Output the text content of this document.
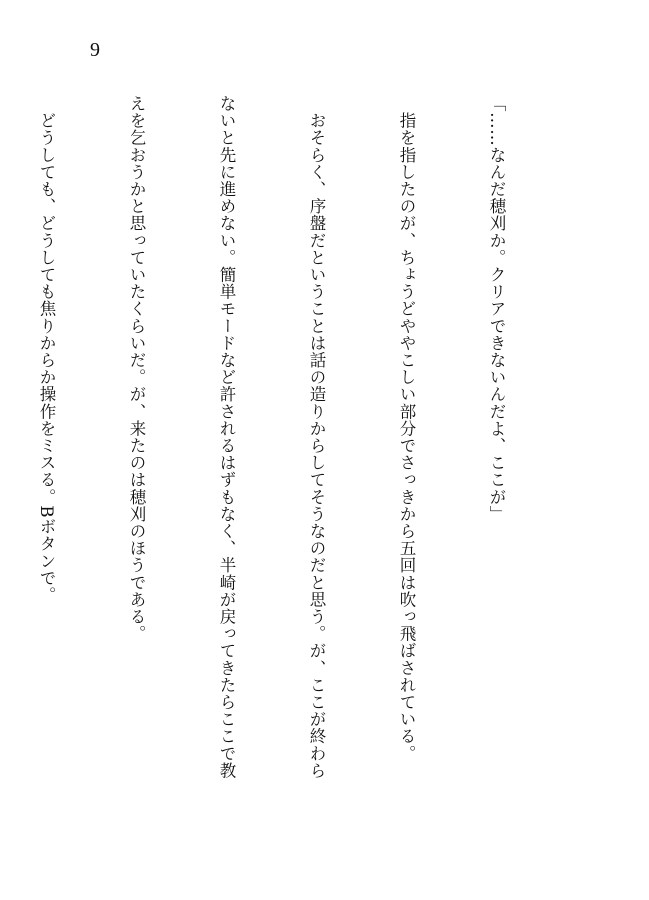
9

「……なんだ穂刈か。クリアできないんだよ、ここが」

　指を指したのが、ちょうどややこしい部分でさっきから五回は吹っ飛ばされている。

　おそらく、序盤だということは話の造りからしてそうなのだと思う。が、ここが終わら

ないと先に進めない。簡単モードなど許されるはずもなく、半崎が戻ってきたらここで教

えを乞おうかと思っていたくらいだ。が、来たのは穂刈のほうである。

　どうしても、どうしても焦りからか操作をミスる。Bボタンで。
